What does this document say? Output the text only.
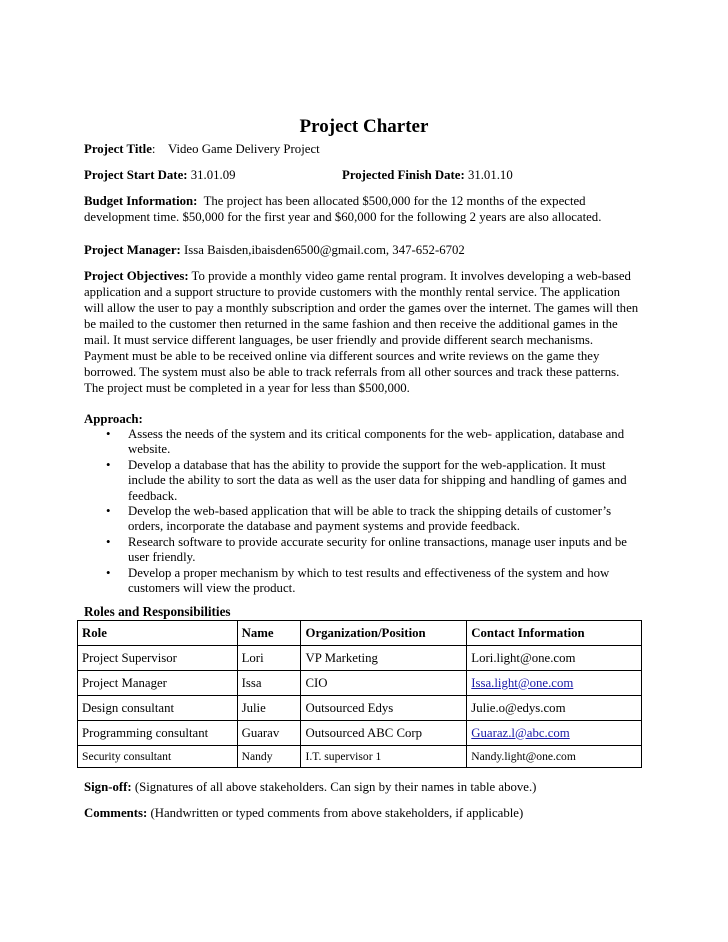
Project Charter
Project Title:    Video Game Delivery Project
Project Start Date: 31.01.09	Projected Finish Date: 31.01.10
Budget Information: The project has been allocated $500,000 for the 12 months of the expected development time. $50,000 for the first year and $60,000 for the following 2 years are also allocated.
Project Manager: Issa Baisden,ibaisden6500@gmail.com, 347-652-6702
Project Objectives: To provide a monthly video game rental program. It involves developing a web-based application and a support structure to provide customers with the monthly rental service. The application will allow the user to pay a monthly subscription and order the games over the internet. The games will then be mailed to the customer then returned in the same fashion and then receive the additional games in the mail. It must service different languages, be user friendly and provide different search mechanisms. Payment must be able to be received online via different sources and write reviews on the game they borrowed. The system must also be able to track referrals from all other sources and track these patterns. The project must be completed in a year for less than $500,000.
Approach:
• Assess the needs of the system and its critical components for the web- application, database and website.
• Develop a database that has the ability to provide the support for the web-application. It must include the ability to sort the data as well as the user data for shipping and handling of games and feedback.
• Develop the web-based application that will be able to track the shipping details of customer’s orders, incorporate the database and payment systems and provide feedback.
• Research software to provide accurate security for online transactions, manage user inputs and be user friendly.
• Develop a proper mechanism by which to test results and effectiveness of the system and how customers will view the product.
Roles and Responsibilities
Role	Name	Organization/Position	Contact Information
Project Supervisor	Lori	VP Marketing	Lori.light@one.com
Project Manager	Issa	CIO	Issa.light@one.com
Design consultant	Julie	Outsourced Edys	Julie.o@edys.com
Programming consultant	Guarav	Outsourced ABC Corp	Guaraz.l@abc.com
Security consultant	Nandy	I.T. supervisor 1	Nandy.light@one.com
Sign-off: (Signatures of all above stakeholders. Can sign by their names in table above.)
Comments: (Handwritten or typed comments from above stakeholders, if applicable)
